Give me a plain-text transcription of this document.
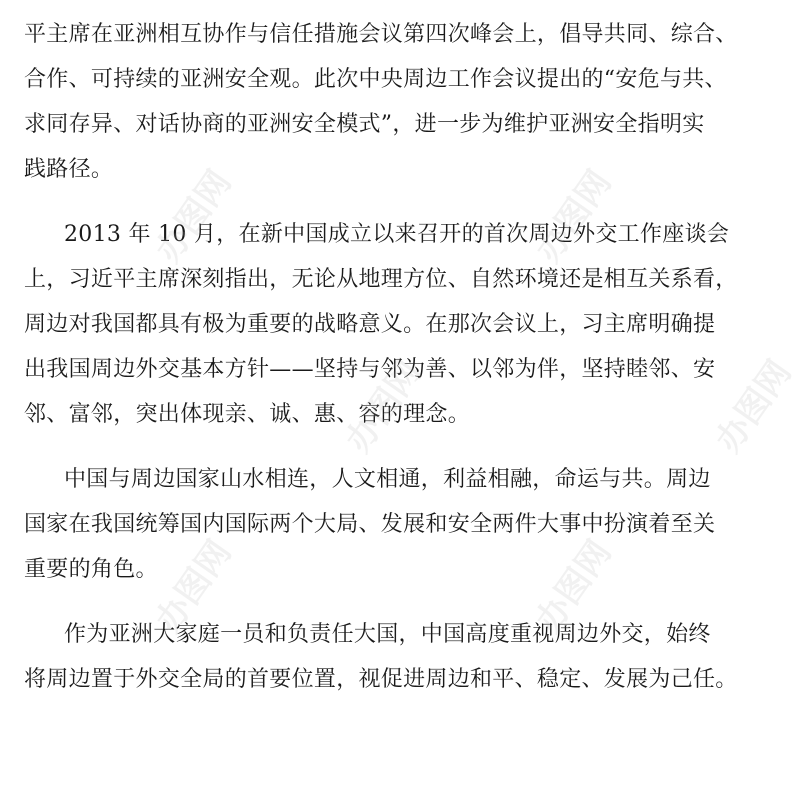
平主席在亚洲相互协作与信任措施会议第四次峰会上，倡导共同、综合、
合作、可持续的亚洲安全观。此次中央周边工作会议提出的“安危与共、
求同存异、对话协商的亚洲安全模式”，进一步为维护亚洲安全指明实
践路径。

2013 年 10 月，在新中国成立以来召开的首次周边外交工作座谈会
上，习近平主席深刻指出，无论从地理方位、自然环境还是相互关系看，
周边对我国都具有极为重要的战略意义。在那次会议上，习主席明确提
出我国周边外交基本方针——坚持与邻为善、以邻为伴，坚持睦邻、安
邻、富邻，突出体现亲、诚、惠、容的理念。

中国与周边国家山水相连，人文相通，利益相融，命运与共。周边
国家在我国统筹国内国际两个大局、发展和安全两件大事中扮演着至关
重要的角色。

作为亚洲大家庭一员和负责任大国，中国高度重视周边外交，始终
将周边置于外交全局的首要位置，视促进周边和平、稳定、发展为己任。

办图网	办图网
办图网	办图网
办图网	办图网
